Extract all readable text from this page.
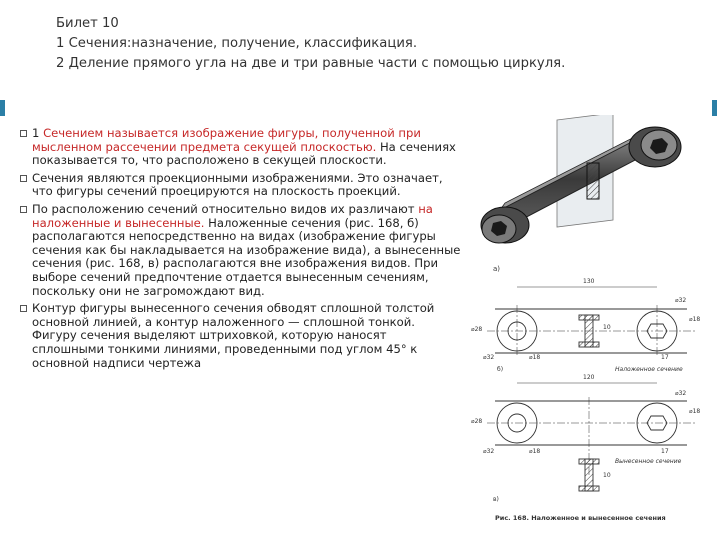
Билет 10
1 Сечения:назначение, получение, классификация.
2 Деление прямого угла на две и три равные части с помощью циркуля.
1 Сечением называется изображение фигуры, полученной при мысленном рассечении предмета секущей плоскостью. На сечениях показывается то, что расположено в секущей плоскости.
Сечения являются проекционными изображениями. Это означает, что фигуры сечений проецируются на плоскость проекций.
По расположению сечений относительно видов их различают на наложенные и вынесенные. Наложенные сечения (рис. 168, б) располагаются непосредственно на видах (изображение фигуры сечения как бы накладывается на изображение вида), а вынесенные сечения (рис. 168, в) располагаются вне изображения видов. При выборе сечений предпочтение отдается вынесенным сечениям, поскольку они не загромождают вид.
Контур фигуры вынесенного сечения обводят сплошной толстой основной линией, а контур наложенного — сплошной тонкой. Фигуру сечения выделяют штриховкой, которую наносят сплошными тонкими линиями, проведенными под углом 45° к основной надписи чертежа
а)
130
⌀32
⌀28
⌀32	⌀18	17
10
⌀18
б)	Наложенное сечение
120
⌀32
⌀28
⌀32	⌀18	17
10
⌀18
Вынесенное сечение
в)
Рис. 168. Наложенное и вынесенное сечения
